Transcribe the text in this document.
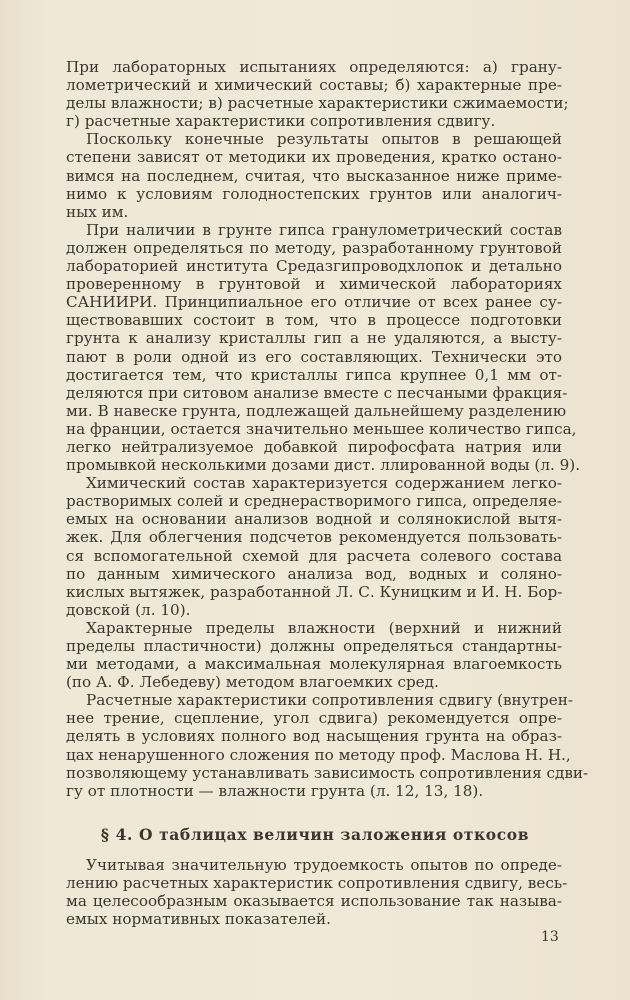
При лабораторных испытаниях определяются: а) грану-
лометрический и химический составы; б) характерные пре-
делы влажности; в) расчетные характеристики сжимаемости;
г) расчетные характеристики сопротивления сдвигу.
Поскольку конечные результаты опытов в решающей
степени зависят от методики их проведения, кратко остано-
вимся на последнем, считая, что высказанное ниже приме-
нимо к условиям голодностепских грунтов или аналогич-
ных им.
При наличии в грунте гипса гранулометрический состав
должен определяться по методу, разработанному грунтовой
лабораторией института Средазгипроводхлопок и детально
проверенному в грунтовой и химической лабораториях
САНИИРИ. Принципиальное его отличие от всех ранее су-
ществовавших состоит в том, что в процессе подготовки
грунта к анализу кристаллы гип а не удаляются, а высту-
пают в роли одной из его составляющих. Технически это
достигается тем, что кристаллы гипса крупнее 0,1 мм от-
деляются при ситовом анализе вместе с песчаными фракция-
ми. В навеске грунта, подлежащей дальнейшему разделению
на франции, остается значительно меньшее количество гипса,
легко нейтрализуемое добавкой пирофосфата натрия или
промывкой несколькими дозами дист. ллированной воды (л. 9).
Химический состав характеризуется содержанием легко-
растворимых солей и среднерастворимого гипса, определяе-
емых на основании анализов водной и солянокислой вытя-
жек. Для облегчения подсчетов рекомендуется пользовать-
ся вспомогательной схемой для расчета солевого состава
по данным химического анализа вод, водных и соляно-
кислых вытяжек, разработанной Л. С. Куницким и И. Н. Бор-
довской (л. 10).
Характерные пределы влажности (верхний и нижний
пределы пластичности) должны определяться стандартны-
ми методами, а максимальная молекулярная влагоемкость
(по А. Ф. Лебедеву) методом влагоемких сред.
Расчетные характеристики сопротивления сдвигу (внутрен-
нее трение, сцепление, угол сдвига) рекомендуется опре-
делять в условиях полного вод насыщения грунта на образ-
цах ненарушенного сложения по методу проф. Маслова Н. Н.,
позволяющему устанавливать зависимость сопротивления сдви-
гу от плотности — влажности грунта (л. 12, 13, 18).
§ 4. О таблицах величин заложения откосов
Учитывая значительную трудоемкость опытов по опреде-
лению расчетных характеристик сопротивления сдвигу, весь-
ма целесообразным оказывается использование так называ-
емых нормативных показателей.
13
